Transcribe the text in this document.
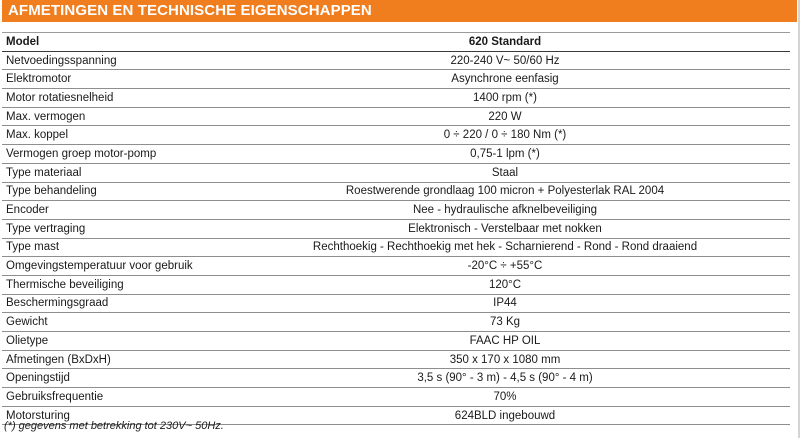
AFMETINGEN EN TECHNISCHE EIGENSCHAPPEN
Model	620 Standard
Netvoedingsspanning	220-240 V~ 50/60 Hz
Elektromotor	Asynchrone eenfasig
Motor rotatiesnelheid	1400 rpm (*)
Max. vermogen	220 W
Max. koppel	0 ÷ 220 / 0 ÷ 180 Nm (*)
Vermogen groep motor-pomp	0,75-1 lpm (*)
Type materiaal	Staal
Type behandeling	Roestwerende grondlaag 100 micron + Polyesterlak RAL 2004
Encoder	Nee - hydraulische afknelbeveiliging
Type vertraging	Elektronisch - Verstelbaar met nokken
Type mast	Rechthoekig - Rechthoekig met hek - Scharnierend - Rond - Rond draaiend
Omgevingstemperatuur voor gebruik	-20°C ÷ +55°C
Thermische beveiliging	120°C
Beschermingsgraad	IP44
Gewicht	73 Kg
Olietype	FAAC HP OIL
Afmetingen (BxDxH)	350 x 170 x 1080 mm
Openingstijd	3,5 s (90° - 3 m) - 4,5 s (90° - 4 m)
Gebruiksfrequentie	70%
Motorsturing	624BLD ingebouwd
(*) gegevens met betrekking tot 230V~ 50Hz.
